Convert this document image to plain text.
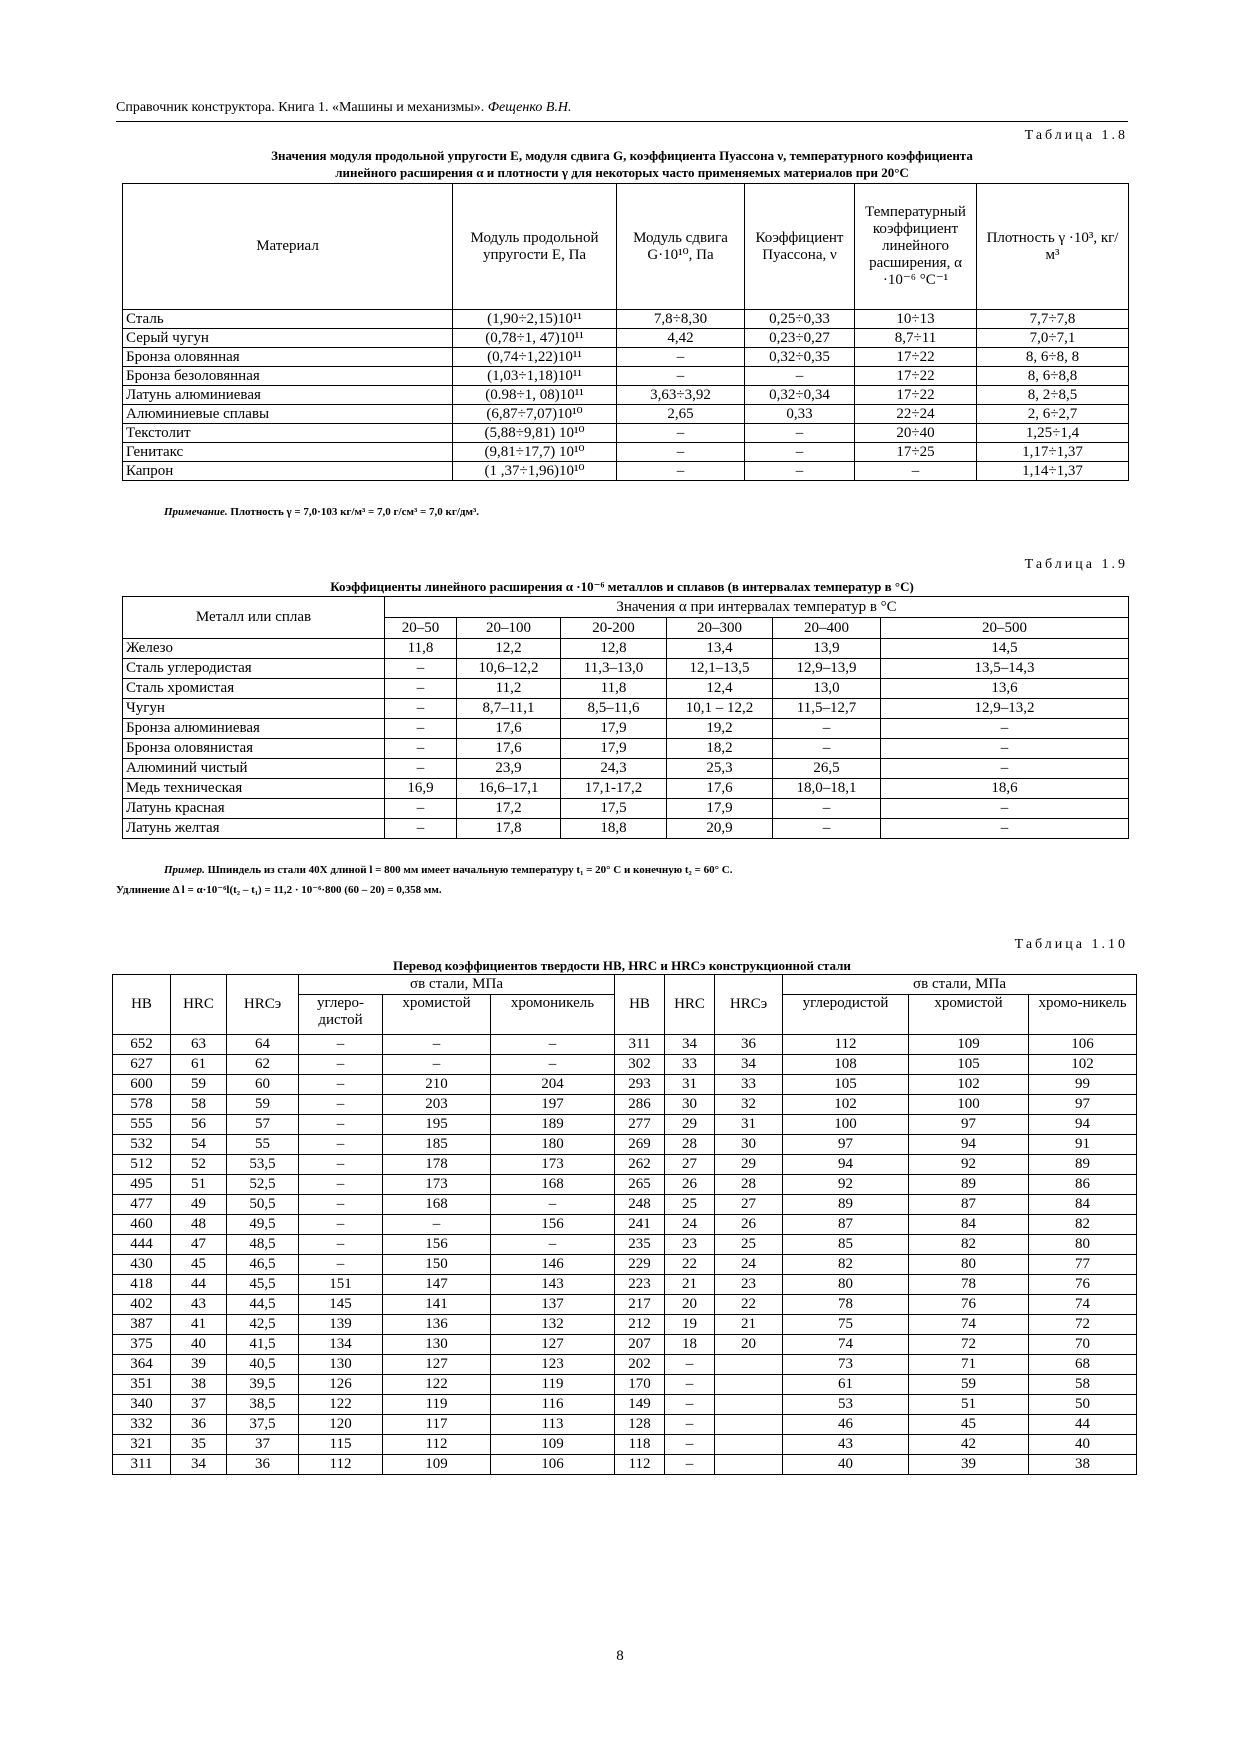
Справочник конструктора. Книга 1. «Машины и механизмы». Фещенко В.Н.
Таблица 1.8
Значения модуля продольной упругости E, модуля сдвига G, коэффициента Пуассона ν, температурного коэффициента
линейного расширения α и плотности γ для некоторых часто применяемых материалов при 20°С
Материал	Модуль продольной упругости E, Па	Модуль сдвига G·10¹⁰, Па	Коэффициент Пуассона, ν	Температурный коэффициент линейного расширения, α ·10⁻⁶ °С⁻¹	Плотность γ ·10³, кг/м³
Сталь	(1,90÷2,15)10¹¹	7,8÷8,30	0,25÷0,33	10÷13	7,7÷7,8
Серый чугун	(0,78÷1, 47)10¹¹	4,42	0,23÷0,27	8,7÷11	7,0÷7,1
Бронза оловянная	(0,74÷1,22)10¹¹	–	0,32÷0,35	17÷22	8, 6÷8, 8
Бронза безоловянная	(1,03÷1,18)10¹¹	–	–	17÷22	8, 6÷8,8
Латунь алюминиевая	(0.98÷1, 08)10¹¹	3,63÷3,92	0,32÷0,34	17÷22	8, 2÷8,5
Алюминиевые сплавы	(6,87÷7,07)10¹⁰	2,65	0,33	22÷24	2, 6÷2,7
Текстолит	(5,88÷9,81) 10¹⁰	–	–	20÷40	1,25÷1,4
Генитакс	(9,81÷17,7) 10¹⁰	–	–	17÷25	1,17÷1,37
Капрон	(1 ,37÷1,96)10¹⁰	–	–	–	1,14÷1,37
Примечание. Плотность γ = 7,0·103 кг/м³ = 7,0 г/см³ = 7,0 кг/дм³.
Таблица 1.9
Коэффициенты линейного расширения α ·10⁻⁶ металлов и сплавов (в интервалах температур в °С)
Металл или сплав	Значения α при интервалах температур в °С					
	20–50	20–100	20-200	20–300	20–400	20–500
Железо	11,8	12,2	12,8	13,4	13,9	14,5
Сталь углеродистая	–	10,6–12,2	11,3–13,0	12,1–13,5	12,9–13,9	13,5–14,3
Сталь хромистая	–	11,2	11,8	12,4	13,0	13,6
Чугун	–	8,7–11,1	8,5–11,6	10,1 – 12,2	11,5–12,7	12,9–13,2
Бронза алюминиевая	–	17,6	17,9	19,2	–	–
Бронза оловянистая	–	17,6	17,9	18,2	–	–
Алюминий чистый	–	23,9	24,3	25,3	26,5	–
Медь техническая	16,9	16,6–17,1	17,1-17,2	17,6	18,0–18,1	18,6
Латунь красная	–	17,2	17,5	17,9	–	–
Латунь желтая	–	17,8	18,8	20,9	–	–
Пример. Шпиндель из стали 40Х длиной l = 800 мм имеет начальную температуру t₁ = 20° С и конечную t₂ = 60° С.
Удлинение Δ l = α·10⁻⁶l(t₂ – t₁) = 11,2 · 10⁻⁶·800 (60 – 20) = 0,358 мм.
Таблица 1.10
Перевод коэффициентов твердости HB, HRC и HRCэ конструкционной стали
HB	HRC	HRCэ	σв стали, МПа			HB	HRC	HRCэ	σв стали, МПа		
			углеро-дистой	хромистой	хромоникель				углеродистой	хромистой	хромо-никель
652	63	64	–	–	–	311	34	36	112	109	106
627	61	62	–	–	–	302	33	34	108	105	102
600	59	60	–	210	204	293	31	33	105	102	99
578	58	59	–	203	197	286	30	32	102	100	97
555	56	57	–	195	189	277	29	31	100	97	94
532	54	55	–	185	180	269	28	30	97	94	91
512	52	53,5	–	178	173	262	27	29	94	92	89
495	51	52,5	–	173	168	265	26	28	92	89	86
477	49	50,5	–	168	–	248	25	27	89	87	84
460	48	49,5	–	–	156	241	24	26	87	84	82
444	47	48,5	–	156	–	235	23	25	85	82	80
430	45	46,5	–	150	146	229	22	24	82	80	77
418	44	45,5	151	147	143	223	21	23	80	78	76
402	43	44,5	145	141	137	217	20	22	78	76	74
387	41	42,5	139	136	132	212	19	21	75	74	72
375	40	41,5	134	130	127	207	18	20	74	72	70
364	39	40,5	130	127	123	202	–		73	71	68
351	38	39,5	126	122	119	170	–		61	59	58
340	37	38,5	122	119	116	149	–		53	51	50
332	36	37,5	120	117	113	128	–		46	45	44
321	35	37	115	112	109	118	–		43	42	40
311	34	36	112	109	106	112	–		40	39	38
8
